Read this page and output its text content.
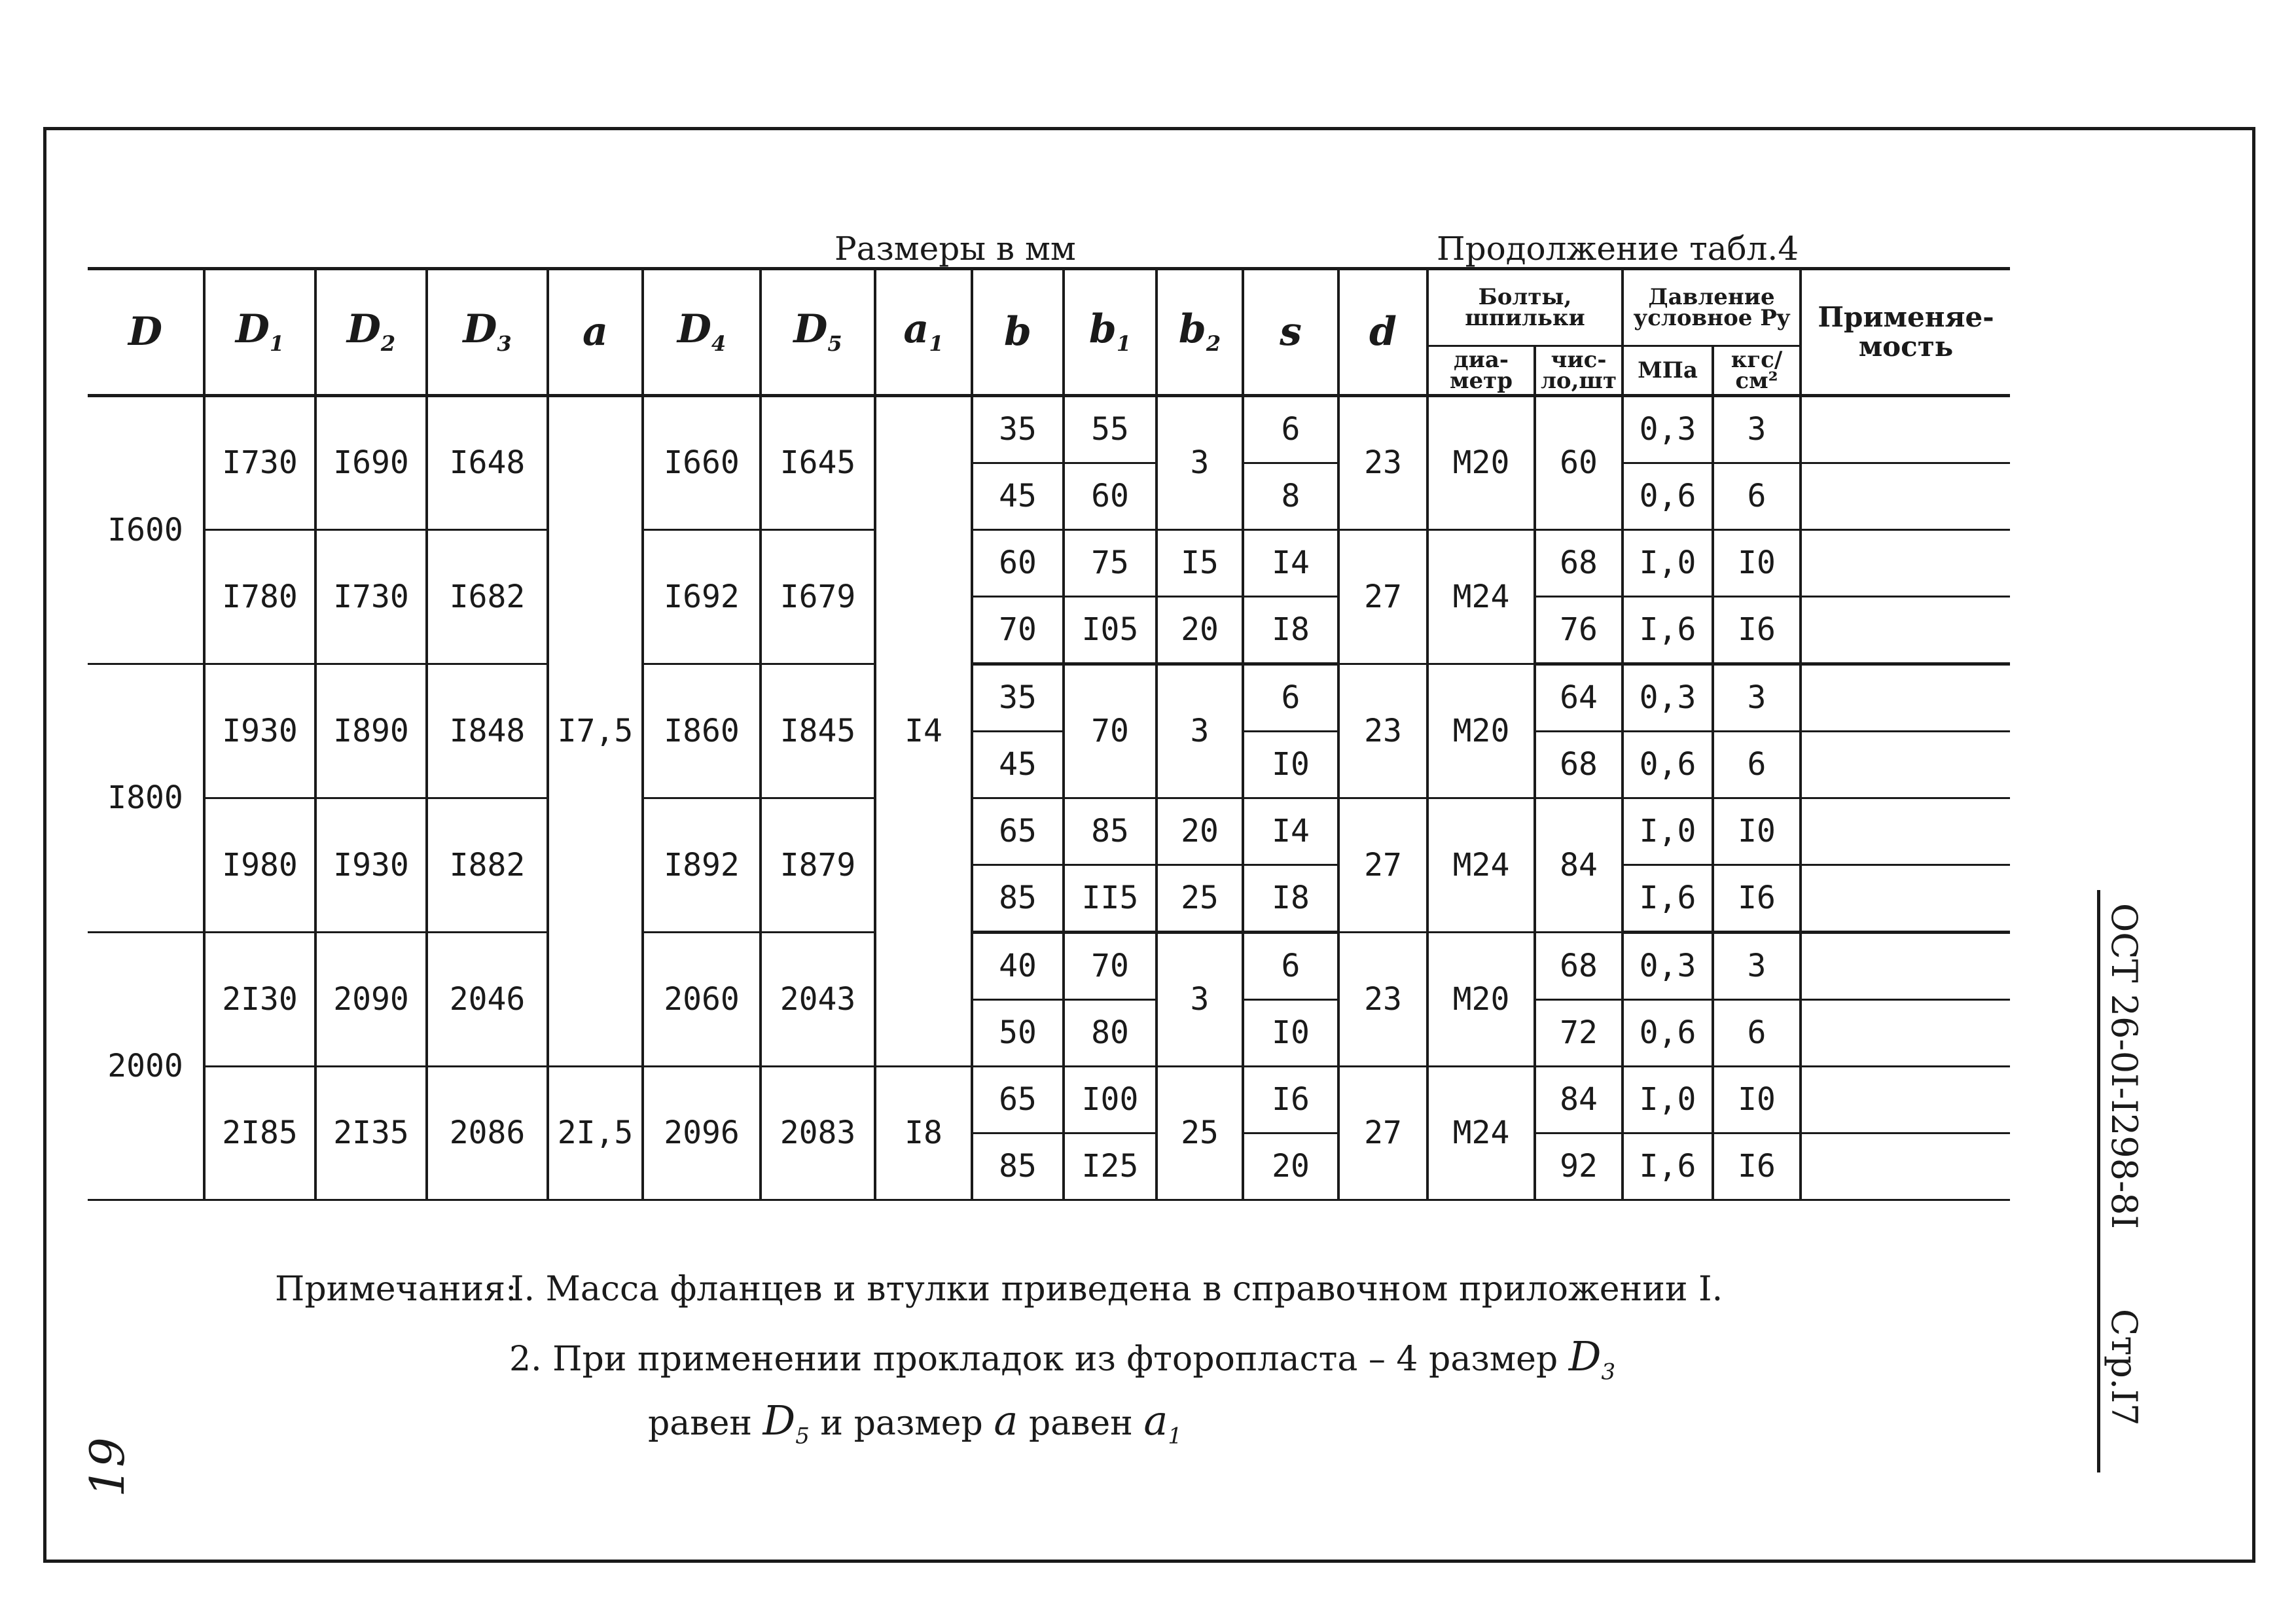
Размеры в мм	Продолжение табл.4
D	$D_1$	$D_2$	$D_3$	a	$D_4$	$D_5$	$a_1$	b	$b_1$	$b_2$	s	d	Болты, шпильки		Давление условное Py		Применяе- мость
													диа- метр	чис- ло,шт	МПа	кгс/см²	
I600	I730	I690	I648	I7,5	I660	I645	I4	35	55	3	6	23	M20	60	0,3	3	
								45	60		8				0,6	6	
	I780	I730	I682		I692	I679		60	75	I5	I4	27	M24	68	I,0	I0	
								70	I05	20	I8			76	I,6	I6	
I800	I930	I890	I848		I860	I845		35	70	3	6	23	M20	64	0,3	3	
								45			I0			68	0,6	6	
	I980	I930	I882		I892	I879		65	85	20	I4	27	M24	84	I,0	I0	
								85	II5	25	I8				I,6	I6	
2000	2I30	2090	2046		2060	2043		40	70	3	6	23	M20	68	0,3	3	
								50	80		I0			72	0,6	6	
	2I85	2I35	2086	2I,5	2096	2083	I8	65	I00	25	I6	27	M24	84	I,0	I0	
								85	I25		20			92	I,6	I6	
Примечания:
I. Масса фланцев и втулки приведена в справочном приложении I.
2. При применении прокладок из фторопласта – 4 размер $D_3$
равен $D_5$ и размер a равен $a_1$
ОСТ 26-0I-I298-8I
Стр.I7
19
